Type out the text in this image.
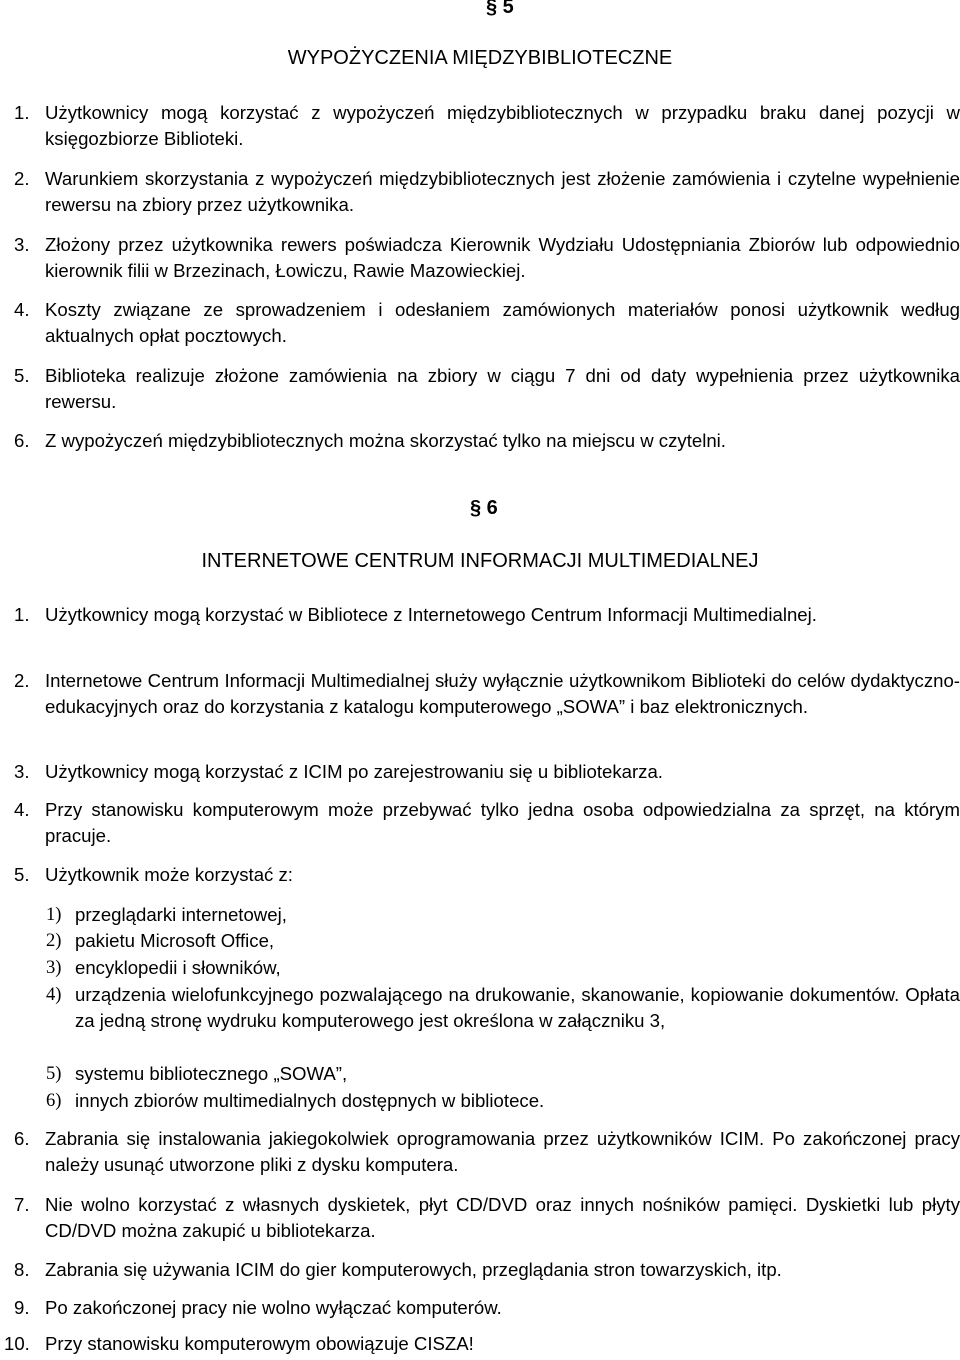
§ 5
WYPOŻYCZENIA MIĘDZYBIBLIOTECZNE
1. Użytkownicy mogą korzystać z wypożyczeń międzybibliotecznych w przypadku braku danej pozycji w księgozbiorze Biblioteki.
2. Warunkiem skorzystania z wypożyczeń międzybibliotecznych jest złożenie zamówienia i czytelne wypełnienie rewersu na zbiory przez użytkownika.
3. Złożony przez użytkownika rewers poświadcza Kierownik Wydziału Udostępniania Zbiorów lub odpowiednio kierownik filii w Brzezinach, Łowiczu, Rawie Mazowieckiej.
4. Koszty związane ze sprowadzeniem i odesłaniem zamówionych materiałów ponosi użytkownik według aktualnych opłat pocztowych.
5. Biblioteka realizuje złożone zamówienia na zbiory w ciągu 7 dni od daty wypełnienia przez użytkownika rewersu.
6. Z wypożyczeń międzybibliotecznych można skorzystać tylko na miejscu w czytelni.
§ 6
INTERNETOWE CENTRUM INFORMACJI MULTIMEDIALNEJ
1. Użytkownicy mogą korzystać w Bibliotece z Internetowego Centrum Informacji Multimedialnej.
2. Internetowe Centrum Informacji Multimedialnej służy wyłącznie użytkownikom Biblioteki do celów dydaktyczno-edukacyjnych oraz do korzystania z katalogu komputerowego „SOWA” i baz elektronicznych.
3. Użytkownicy mogą korzystać z ICIM po zarejestrowaniu się u bibliotekarza.
4. Przy stanowisku komputerowym może przebywać tylko jedna osoba odpowiedzialna za sprzęt, na którym pracuje.
5. Użytkownik może korzystać z:
1) przeglądarki internetowej,
2) pakietu Microsoft Office,
3) encyklopedii i słowników,
4) urządzenia wielofunkcyjnego pozwalającego na drukowanie, skanowanie, kopiowanie dokumentów. Opłata za jedną stronę wydruku komputerowego jest określona w załączniku 3,
5) systemu bibliotecznego „SOWA”,
6) innych zbiorów multimedialnych dostępnych w bibliotece.
6. Zabrania się instalowania jakiegokolwiek oprogramowania przez użytkowników ICIM. Po zakończonej pracy należy usunąć utworzone pliki z dysku komputera.
7. Nie wolno korzystać z własnych dyskietek, płyt CD/DVD oraz innych nośników pamięci. Dyskietki lub płyty CD/DVD można zakupić u bibliotekarza.
8. Zabrania się używania ICIM do gier komputerowych, przeglądania stron towarzyskich, itp.
9. Po zakończonej pracy nie wolno wyłączać komputerów.
10. Przy stanowisku komputerowym obowiązuje CISZA!
